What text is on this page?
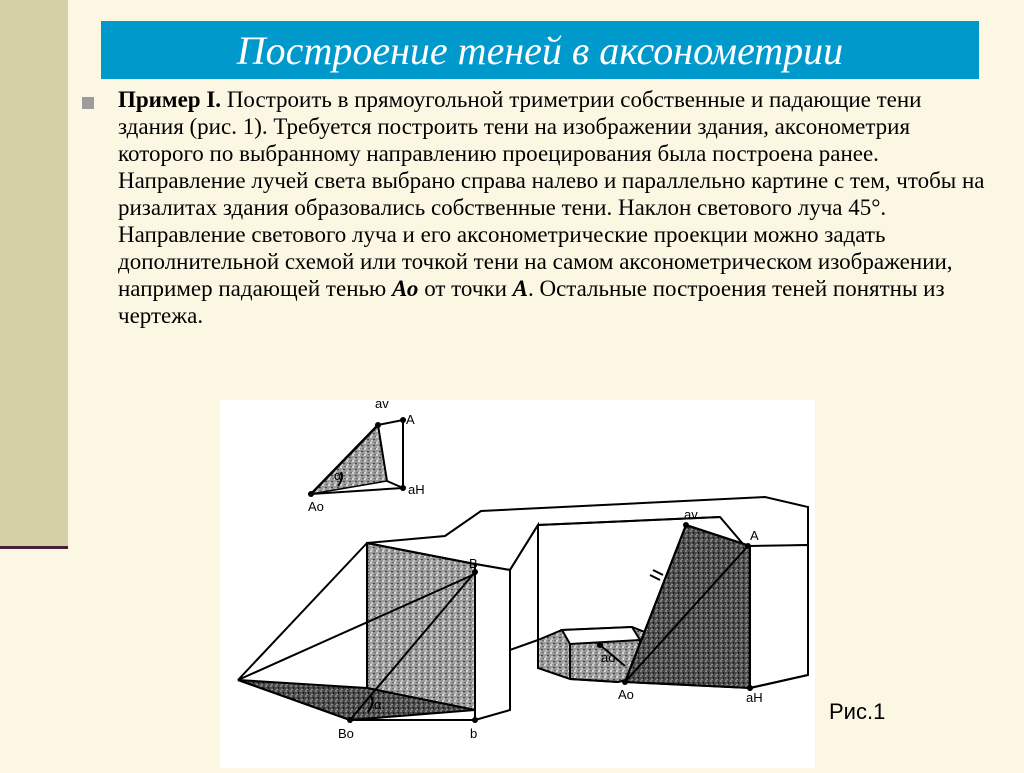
Построение теней в аксонометрии
Пример I. Построить в прямоугольной триметрии собственные и падающие тени здания (рис. 1). Требуется построить тени на изображении здания, аксонометрия которого по выбранному направлению проецирования была построена ранее. Направление лучей света выбрано справа налево и параллельно картине с тем, чтобы на ризалитах здания образовались собственные тени. Наклон светового луча 45°. Направление светового луча и его аксонометрические проекции можно задать дополнительной схемой или точкой тени на самом аксонометрическом изображении, например падающей тенью Ао от точки А. Остальные построения теней понятны из чертежа.
av
A
aH
Ao
α
av
A
B
ao
Ao	aH
Bo	b
α	Рис.1
